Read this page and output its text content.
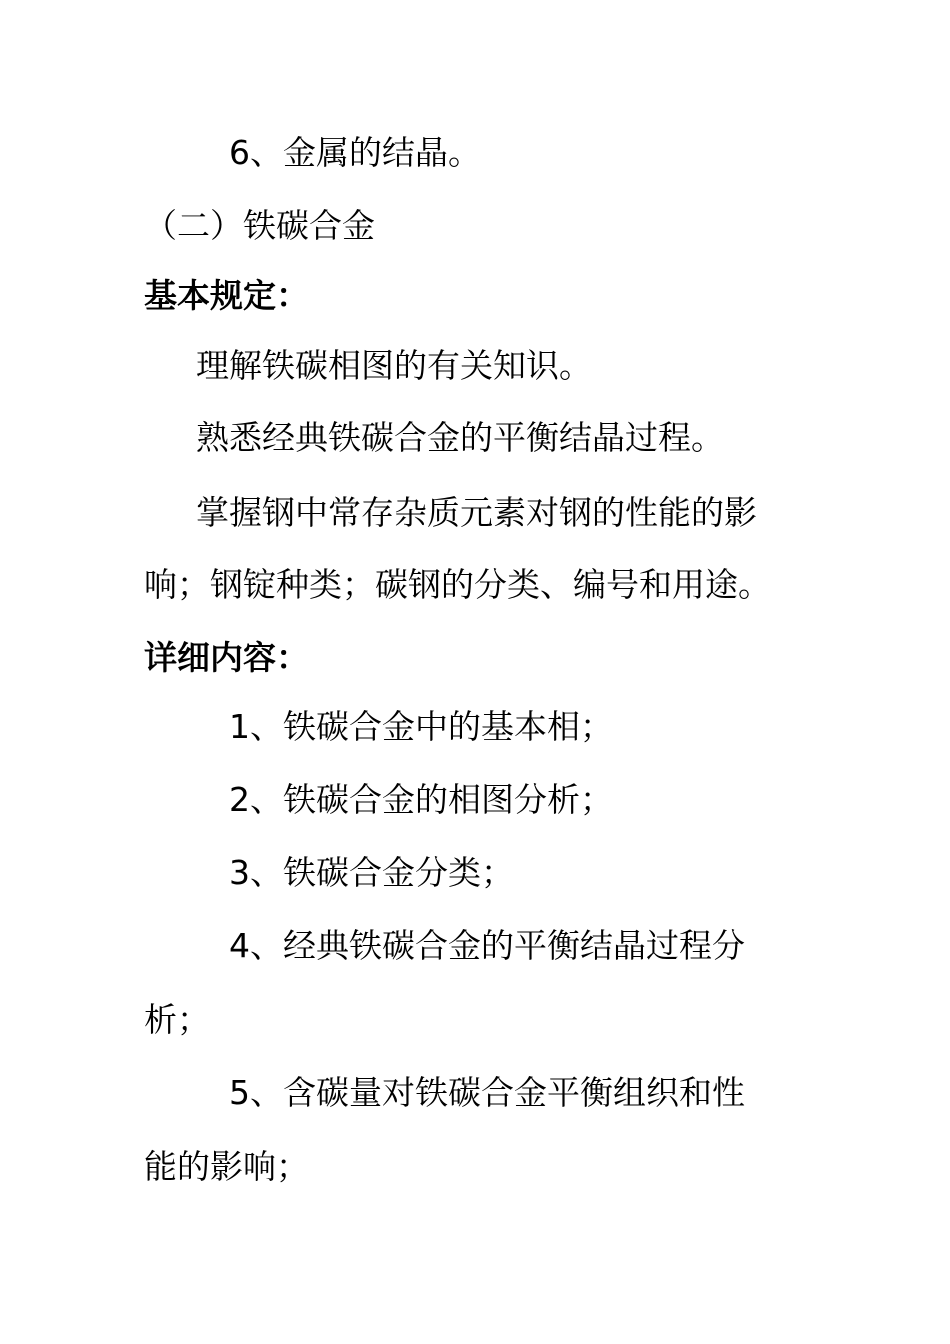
6、金属的结晶。

（二）铁碳合金

基本规定：

理解铁碳相图的有关知识。

熟悉经典铁碳合金的平衡结晶过程。

掌握钢中常存杂质元素对钢的性能的影

响；钢锭种类；碳钢的分类、编号和用途。

详细内容：

1、铁碳合金中的基本相；

2、铁碳合金的相图分析；

3、铁碳合金分类；

4、经典铁碳合金的平衡结晶过程分

析；

5、含碳量对铁碳合金平衡组织和性

能的影响；
